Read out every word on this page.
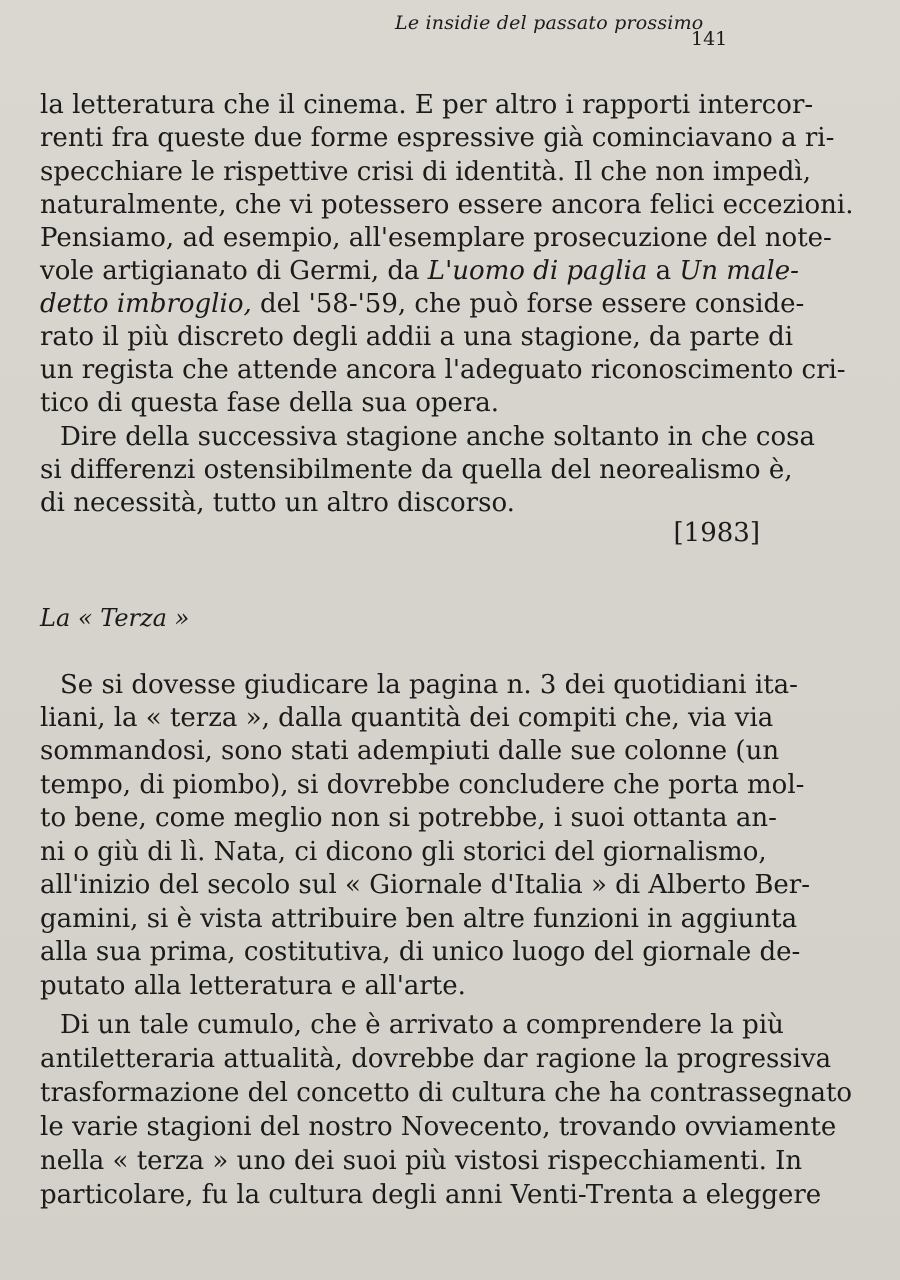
Le insidie del passato prossimo
141
la letteratura che il cinema. E per altro i rapporti intercor-
renti fra queste due forme espressive già cominciavano a ri-
specchiare le rispettive crisi di identità. Il che non impedì,
naturalmente, che vi potessero essere ancora felici eccezioni.
Pensiamo, ad esempio, all'esemplare prosecuzione del note-
vole artigianato di Germi, da L'uomo di paglia a Un male-
detto imbroglio, del '58-'59, che può forse essere conside-
rato il più discreto degli addii a una stagione, da parte di
un regista che attende ancora l'adeguato riconoscimento cri-
tico di questa fase della sua opera.
Dire della successiva stagione anche soltanto in che cosa
si differenzi ostensibilmente da quella del neorealismo è,
di necessità, tutto un altro discorso.
[1983]
La « Terza »
Se si dovesse giudicare la pagina n. 3 dei quotidiani ita-
liani, la « terza », dalla quantità dei compiti che, via via
sommandosi, sono stati adempiuti dalle sue colonne (un
tempo, di piombo), si dovrebbe concludere che porta mol-
to bene, come meglio non si potrebbe, i suoi ottanta an-
ni o giù di lì. Nata, ci dicono gli storici del giornalismo,
all'inizio del secolo sul « Giornale d'Italia » di Alberto Ber-
gamini, si è vista attribuire ben altre funzioni in aggiunta
alla sua prima, costitutiva, di unico luogo del giornale de-
putato alla letteratura e all'arte.
Di un tale cumulo, che è arrivato a comprendere la più
antiletteraria attualità, dovrebbe dar ragione la progressiva
trasformazione del concetto di cultura che ha contrassegnato
le varie stagioni del nostro Novecento, trovando ovviamente
nella « terza » uno dei suoi più vistosi rispecchiamenti. In
particolare, fu la cultura degli anni Venti-Trenta a eleggere
